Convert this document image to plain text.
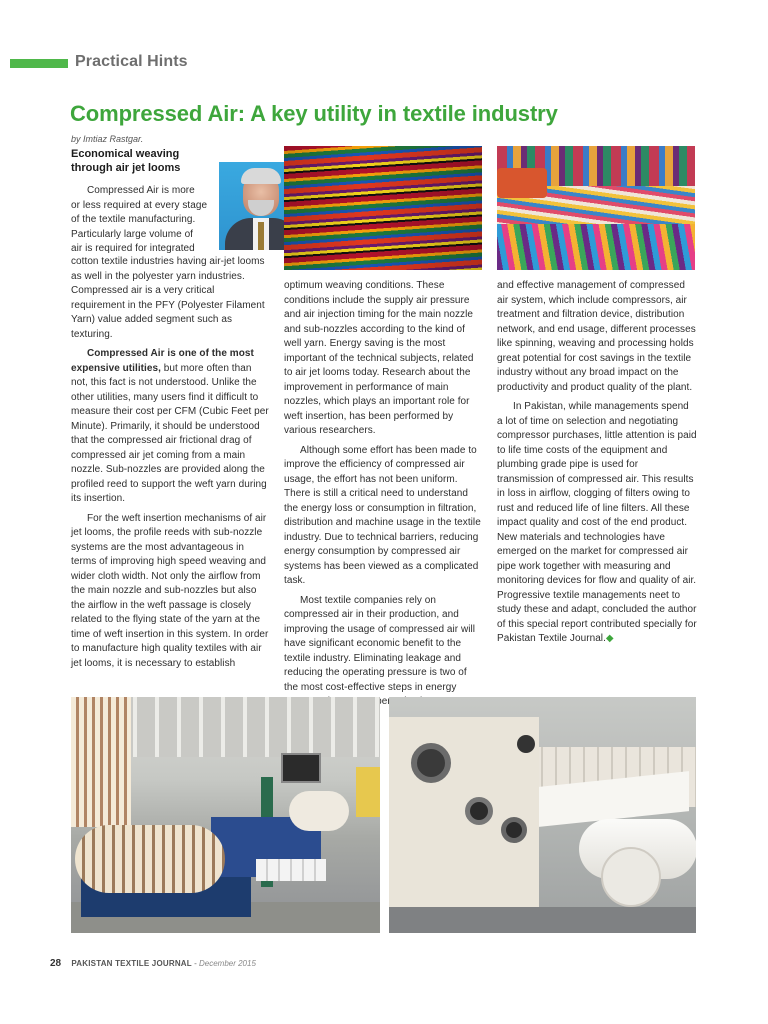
Practical Hints
Compressed Air: A key utility in textile industry
by Imtiaz Rastgar.
Economical weaving through air jet looms

Compressed Air is more

or less required at every stage

of the textile manufacturing.

Particularly large volume of

air is required for integrated

cotton textile industries having air-jet looms as well in the polyester yarn industries. Compressed air is a very critical requirement in the PFY (Polyester Filament Yarn) value added segment such as texturing.

Compressed Air is one of the most expensive utilities, but more often than not, this fact is not understood. Unlike the other utilities, many users find it difficult to measure their cost per CFM (Cubic Feet per Minute). Primarily, it should be understood that the compressed air frictional drag of compressed air jet coming from a main nozzle. Sub-nozzles are provided along the profiled reed to support the weft yarn during its insertion.

For the weft insertion mechanisms of air jet looms, the profile reeds with sub-nozzle systems are the most advantageous in terms of improving high speed weaving and wider cloth width. Not only the airflow from the main nozzle and sub-nozzles but also the airflow in the weft passage is closely related to the flying state of the yarn at the time of weft insertion in this system. In order to manufacture high quality textiles with air jet looms, it is necessary to establish

optimum weaving conditions. These conditions include the supply air pressure and air injection timing for the main nozzle and sub-nozzles according to the kind of well yarn. Energy saving is the most important of the technical subjects, related to air jet looms today. Research about the improvement in performance of main nozzles, which plays an important role for weft insertion, has been performed by various researchers.

Although some effort has been made to improve the efficiency of compressed air usage, the effort has not been uniform. There is still a critical need to understand the energy loss or consumption in filtration, distribution and machine usage in the textile industry. Due to technical barriers, reducing energy consumption by compressed air systems has been viewed as a complicated task.

Most textile companies rely on compressed air in their production, and improving the usage of compressed air will have significant economic benefit to the textile industry. Eliminating leakage and reducing the operating pressure is two of the most cost-effective steps in energy

and effective management of compressed air system, which include compressors, air treatment and filtration device, distribution network, and end usage, different processes like spinning, weaving and processing holds great potential for cost savings in the textile industry without any broad impact on the productivity and product quality of the plant.

In Pakistan, while managements spend a lot of time on selection and negotiating compressor purchases, little attention is paid to life time costs of the equipment and plumbing grade pipe is used for transmission of compressed air. This results in loss in airflow, clogging of filters owing to rust and reduced life of line filters. All these impact quality and cost of the end product. New materials and technologies have emerged on the market for compressed air pipe work together with measuring and monitoring devices for flow and quality of air. Progressive textile managements neet to study these and adapt, concluded the author of this special report contributed specially for Pakistan Textile Journal.◆

28 PAKISTAN TEXTILE JOURNAL - December 2015
